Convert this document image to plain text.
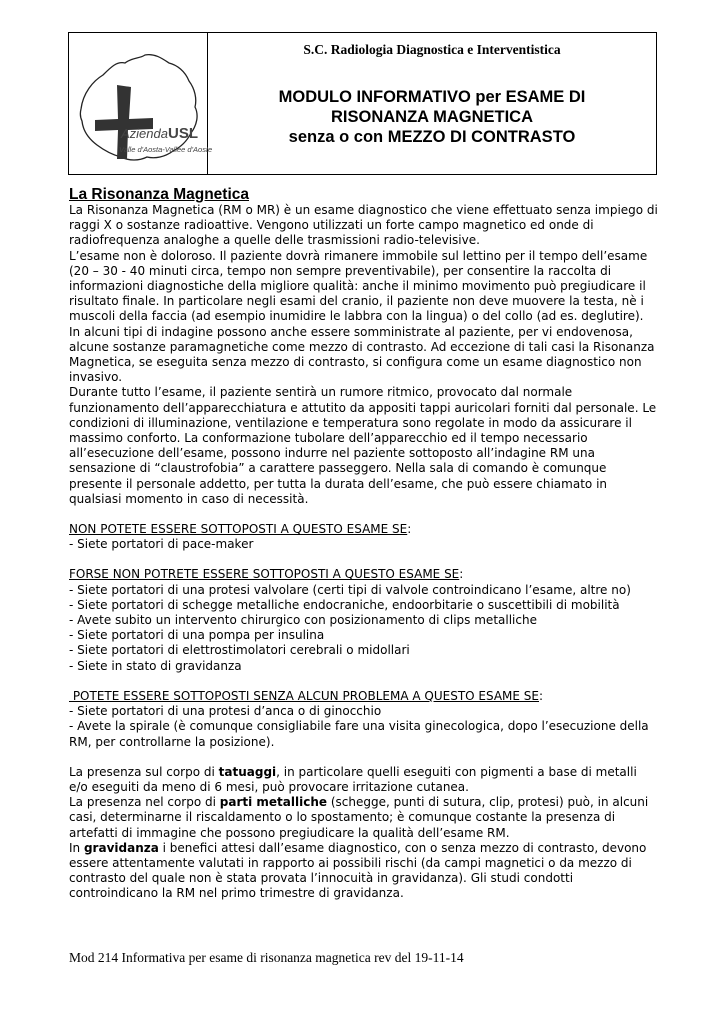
AziendaUSL
Valle d'Aosta-Vallée d'Aoste
S.C. Radiologia Diagnostica e Interventistica
MODULO INFORMATIVO per ESAME DI
RISONANZA MAGNETICA
senza o con MEZZO DI CONTRASTO

La Risonanza Magnetica

La Risonanza Magnetica (RM o MR) è un esame diagnostico che viene effettuato senza impiego di raggi X o sostanze radioattive. Vengono utilizzati un forte campo magnetico ed onde di radiofrequenza analoghe a quelle delle trasmissioni radio-televisive.

L’esame non è doloroso. Il paziente dovrà rimanere immobile sul lettino per il tempo dell’esame (20 – 30 - 40 minuti circa, tempo non sempre preventivabile), per consentire la raccolta di informazioni diagnostiche della migliore qualità: anche il minimo movimento può pregiudicare il risultato finale. In particolare negli esami del cranio, il paziente non deve muovere la testa, nè i muscoli della faccia (ad esempio inumidire le labbra con la lingua) o del collo (ad es. deglutire).

In alcuni tipi di indagine possono anche essere somministrate al paziente, per vi endovenosa, alcune sostanze paramagnetiche come mezzo di contrasto. Ad eccezione di tali casi la Risonanza Magnetica, se eseguita senza mezzo di contrasto, si configura come un esame diagnostico non invasivo.

Durante tutto l’esame, il paziente sentirà un rumore ritmico, provocato dal normale funzionamento dell’apparecchiatura e attutito da appositi tappi auricolari forniti dal personale. Le condizioni di illuminazione, ventilazione e temperatura sono regolate in modo da assicurare il massimo conforto. La conformazione tubolare dell’apparecchio ed il tempo necessario all’esecuzione dell’esame, possono indurre nel paziente sottoposto all’indagine RM una sensazione di “claustrofobia” a carattere passeggero. Nella sala di comando è comunque presente il personale addetto, per tutta la durata dell’esame, che può essere chiamato in qualsiasi momento in caso di necessità.

NON POTETE ESSERE SOTTOPOSTI A QUESTO ESAME SE:

- Siete portatori di pace-maker

FORSE NON POTRETE ESSERE SOTTOPOSTI A QUESTO ESAME SE:

- Siete portatori di una protesi valvolare (certi tipi di valvole controindicano l’esame, altre no)

- Siete portatori di schegge metalliche endocraniche, endoorbitarie o suscettibili di mobilità

- Avete subito un intervento chirurgico con posizionamento di clips metalliche

- Siete portatori di una pompa per insulina

- Siete portatori di elettrostimolatori cerebrali o midollari

- Siete in stato di gravidanza

POTETE ESSERE SOTTOPOSTI SENZA ALCUN PROBLEMA A QUESTO ESAME SE:

- Siete portatori di una protesi d’anca o di ginocchio

- Avete la spirale (è comunque consigliabile fare una visita ginecologica, dopo l’esecuzione della RM, per controllarne la posizione).

La presenza sul corpo di tatuaggi, in particolare quelli eseguiti con pigmenti a base di metalli e/o eseguiti da meno di 6 mesi, può provocare irritazione cutanea.

La presenza nel corpo di parti metalliche (schegge, punti di sutura, clip, protesi) può, in alcuni casi, determinarne il riscaldamento o lo spostamento; è comunque costante la presenza di artefatti di immagine che possono pregiudicare la qualità dell’esame RM.

In gravidanza i benefici attesi dall’esame diagnostico, con o senza mezzo di contrasto, devono essere attentamente valutati in rapporto ai possibili rischi (da campi magnetici o da mezzo di contrasto del quale non è stata provata l’innocuità in gravidanza). Gli studi condotti controindicano la RM nel primo trimestre di gravidanza.

Mod 214 Informativa per esame di risonanza magnetica rev del 19-11-14
